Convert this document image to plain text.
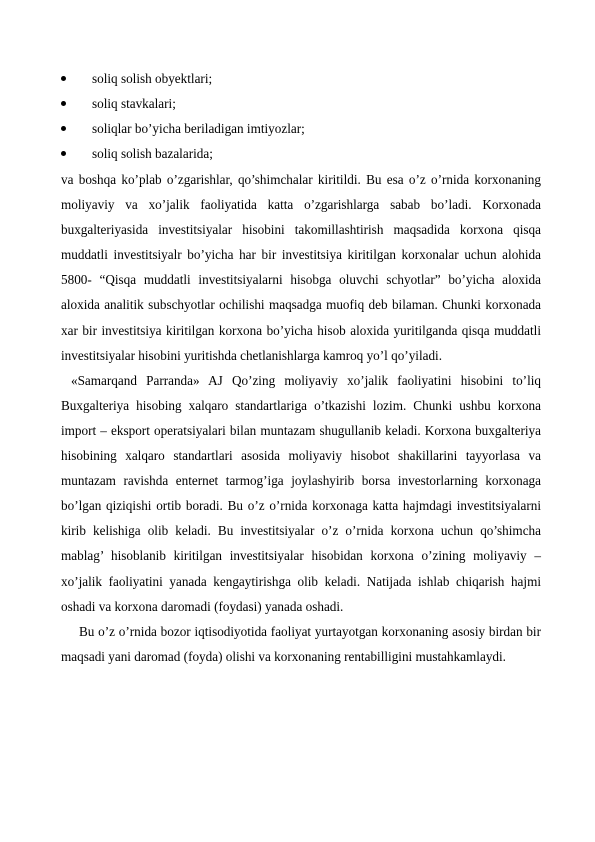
soliq solish obyektlari;
soliq stavkalari;
soliqlar bo’yicha beriladigan imtiyozlar;
soliq solish bazalarida;

va boshqa ko’plab o’zgarishlar, qo’shimchalar kiritildi. Bu esa o’z o’rnida korxonaning moliyaviy va xo’jalik faoliyatida katta o’zgarishlarga sabab bo’ladi. Korxonada buxgalteriyasida investitsiyalar hisobini takomillashtirish maqsadida korxona qisqa muddatli investitsiyalr bo’yicha har bir investitsiya kiritilgan korxonalar uchun alohida 5800- “Qisqa muddatli investitsiyalarni hisobga oluvchi schyotlar” bo’yicha aloxida aloxida analitik subschyotlar ochilishi maqsadga muofiq deb bilaman. Chunki korxonada xar bir investitsiya kiritilgan korxona bo’yicha hisob aloxida yuritilganda qisqa muddatli investitsiyalar hisobini yuritishda chetlanishlarga kamroq yo’l qo’yiladi.

«Samarqand Parranda» AJ Qo’zing moliyaviy xo’jalik faoliyatini hisobini to’liq Buxgalteriya hisobing xalqaro standartlariga o’tkazishi lozim. Chunki ushbu korxona import – eksport operatsiyalari bilan muntazam shugullanib keladi. Korxona buxgalteriya hisobining xalqaro standartlari asosida moliyaviy hisobot shakillarini tayyorlasa va muntazam ravishda enternet tarmog’iga joylashyirib borsa investorlarning korxonaga bo’lgan qiziqishi ortib boradi. Bu o’z o’rnida korxonaga katta hajmdagi investitsiyalarni kirib kelishiga olib keladi. Bu investitsiyalar o’z o’rnida korxona uchun qo’shimcha mablag’ hisoblanib kiritilgan investitsiyalar hisobidan korxona o’zining moliyaviy – xo’jalik faoliyatini yanada kengaytirishga olib keladi. Natijada ishlab chiqarish hajmi oshadi va korxona daromadi (foydasi) yanada oshadi.

Bu o’z o’rnida bozor iqtisodiyotida faoliyat yurtayotgan korxonaning asosiy birdan bir maqsadi yani daromad (foyda) olishi va korxonaning rentabilligini mustahkamlaydi.
